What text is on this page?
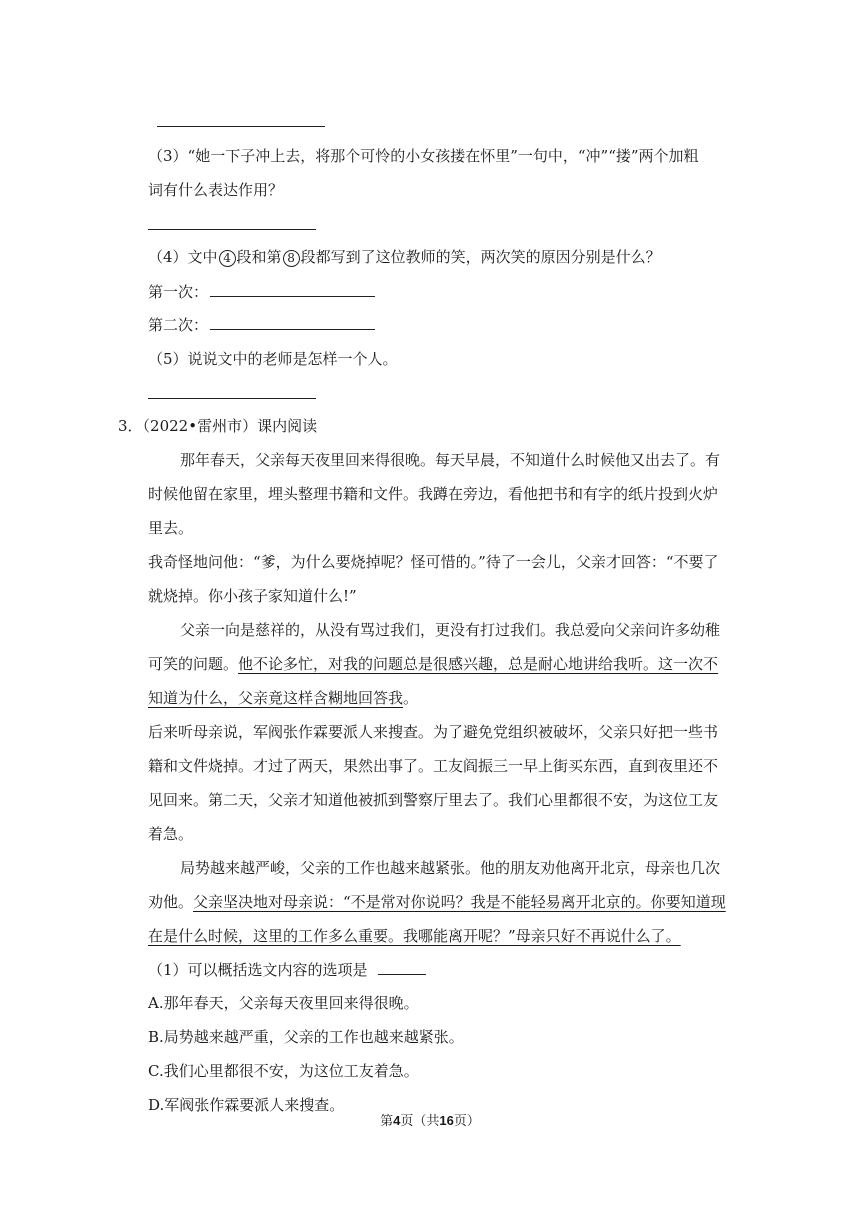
（3）“她一下子冲上去，将那个可怜的小女孩搂在怀里”一句中，“冲”“搂”两个加粗
词有什么表达作用？
（4）文中 4 段和第 8 段都写到了这位教师的笑，两次笑的原因分别是什么？
第一次：
第二次：
（5）说说文中的老师是怎样一个人。
3．（2022•雷州市）课内阅读
那年春天，父亲每天夜里回来得很晚。每天早晨，不知道什么时候他又出去了。有
时候他留在家里，埋头整理书籍和文件。我蹲在旁边，看他把书和有字的纸片投到火炉
里去。
我奇怪地问他：“爹，为什么要烧掉呢？怪可惜的。”待了一会儿，父亲才回答：“不要了
就烧掉。你小孩子家知道什么!”
父亲一向是慈祥的，从没有骂过我们，更没有打过我们。我总爱向父亲问许多幼稚
可笑的问题。他不论多忙，对我的问题总是很感兴趣，总是耐心地讲给我听。这一次不
知道为什么，父亲竟这样含糊地回答我。
后来听母亲说，军阀张作霖要派人来搜查。为了避免党组织被破坏，父亲只好把一些书
籍和文件烧掉。才过了两天，果然出事了。工友阎振三一早上街买东西，直到夜里还不
见回来。第二天，父亲才知道他被抓到警察厅里去了。我们心里都很不安，为这位工友
着急。
局势越来越严峻，父亲的工作也越来越紧张。他的朋友劝他离开北京，母亲也几次
劝他。父亲坚决地对母亲说：“不是常对你说吗？我是不能轻易离开北京的。你要知道现
在是什么时候，这里的工作多么重要。我哪能离开呢？”母亲只好不再说什么了。
（1）可以概括选文内容的选项是
A.那年春天，父亲每天夜里回来得很晚。
B.局势越来越严重，父亲的工作也越来越紧张。
C.我们心里都很不安，为这位工友着急。
D.军阀张作霖要派人来搜查。
第4页（共16页）
